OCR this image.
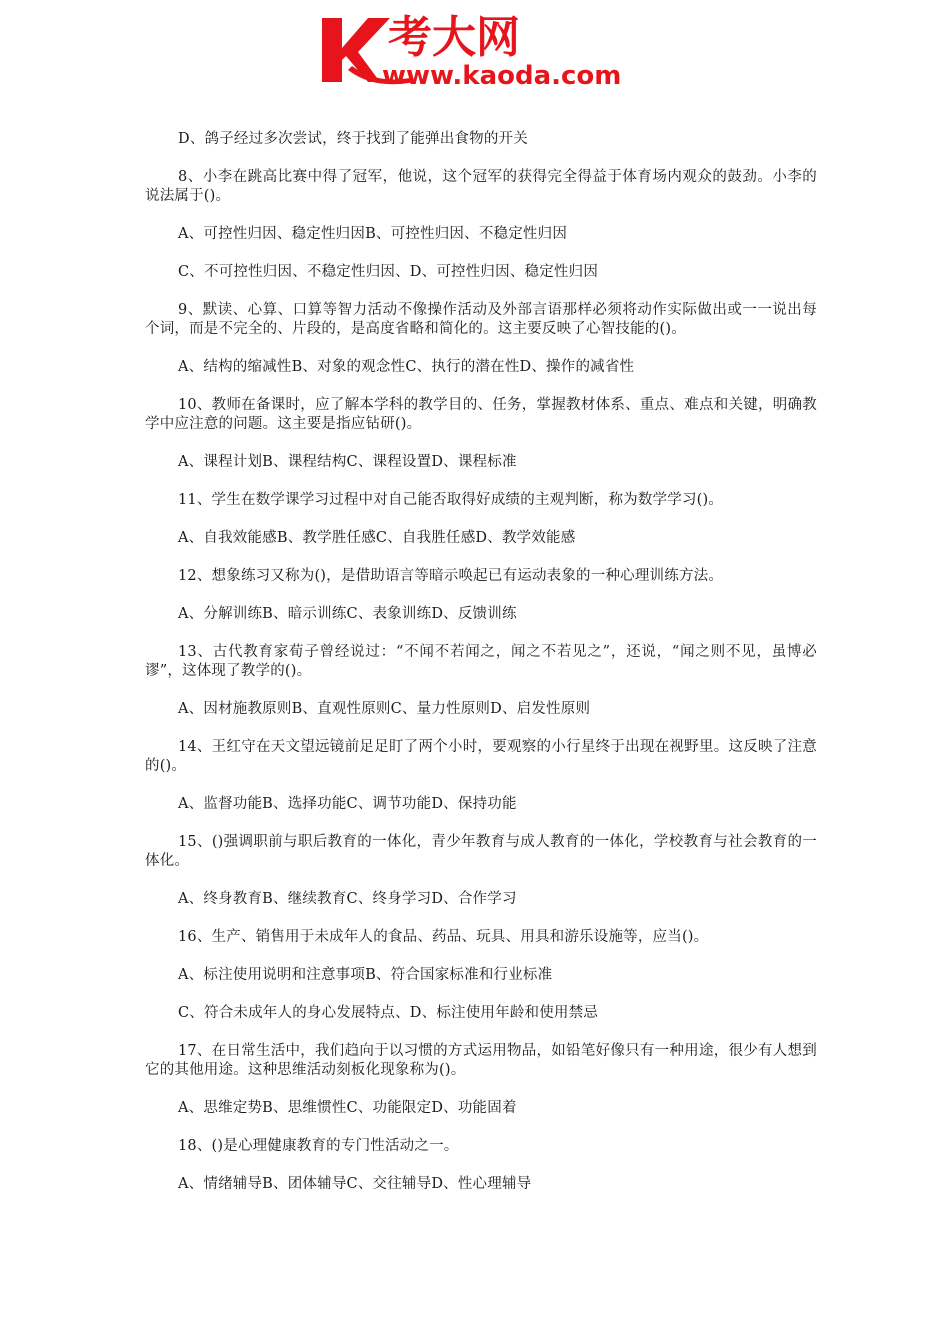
考大网
www.kaoda.com

D、鸽子经过多次尝试，终于找到了能弹出食物的开关

8、小李在跳高比赛中得了冠军，他说，这个冠军的获得完全得益于体育场内观众的鼓劲。小李的说法属于()。

A、可控性归因、稳定性归因B、可控性归因、不稳定性归因

C、不可控性归因、不稳定性归因、D、可控性归因、稳定性归因

9、默读、心算、口算等智力活动不像操作活动及外部言语那样必须将动作实际做出或一一说出每个词，而是不完全的、片段的，是高度省略和简化的。这主要反映了心智技能的()。

A、结构的缩减性B、对象的观念性C、执行的潜在性D、操作的减省性

10、教师在备课时，应了解本学科的教学目的、任务，掌握教材体系、重点、难点和关键，明确教学中应注意的问题。这主要是指应钻研()。

A、课程计划B、课程结构C、课程设置D、课程标准

11、学生在数学课学习过程中对自己能否取得好成绩的主观判断，称为数学学习()。

A、自我效能感B、教学胜任感C、自我胜任感D、教学效能感

12、想象练习又称为()，是借助语言等暗示唤起已有运动表象的一种心理训练方法。

A、分解训练B、暗示训练C、表象训练D、反馈训练

13、古代教育家荀子曾经说过：“不闻不若闻之，闻之不若见之”，还说，“闻之则不见，虽博必谬”，这体现了教学的()。

A、因材施教原则B、直观性原则C、量力性原则D、启发性原则

14、王红守在天文望远镜前足足盯了两个小时，要观察的小行星终于出现在视野里。这反映了注意的()。

A、监督功能B、选择功能C、调节功能D、保持功能

15、()强调职前与职后教育的一体化，青少年教育与成人教育的一体化，学校教育与社会教育的一体化。

A、终身教育B、继续教育C、终身学习D、合作学习

16、生产、销售用于未成年人的食品、药品、玩具、用具和游乐设施等，应当()。

A、标注使用说明和注意事项B、符合国家标准和行业标准

C、符合未成年人的身心发展特点、D、标注使用年龄和使用禁忌

17、在日常生活中，我们趋向于以习惯的方式运用物品，如铅笔好像只有一种用途，很少有人想到它的其他用途。这种思维活动刻板化现象称为()。

A、思维定势B、思维惯性C、功能限定D、功能固着

18、()是心理健康教育的专门性活动之一。

A、情绪辅导B、团体辅导C、交往辅导D、性心理辅导
